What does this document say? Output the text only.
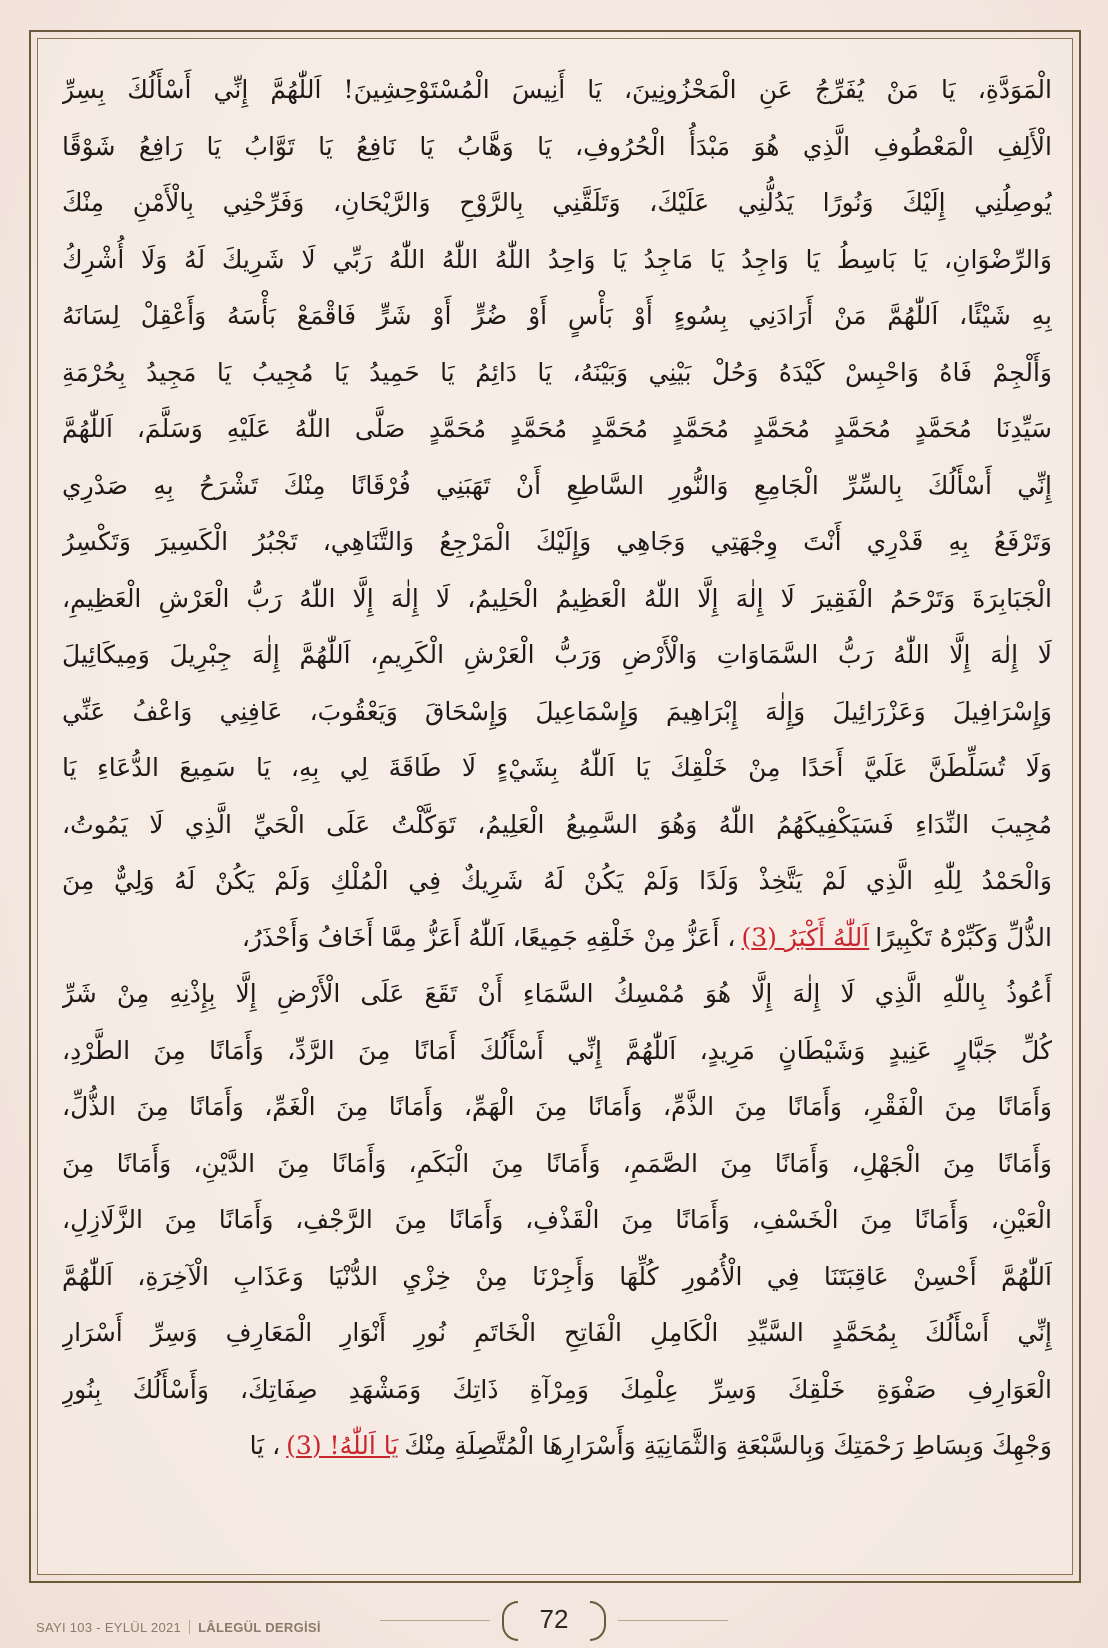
الْمَوَدَّةِ، يَا مَنْ يُفَرِّجُ عَنِ الْمَحْزُونِينَ، يَا أَنِيسَ الْمُسْتَوْحِشِينَ! اَللّٰهُمَّ إِنِّي أَسْأَلُكَ بِسِرِّ
الْأَلِفِ الْمَعْطُوفِ الَّذِي هُوَ مَبْدَأُ الْحُرُوفِ، يَا وَهَّابُ يَا نَافِعُ يَا تَوَّابُ يَا رَافِعُ شَوْقًا
يُوصِلُنِي إِلَيْكَ وَنُورًا يَدُلُّنِي عَلَيْكَ، وَتَلَقَّنِي بِالرَّوْحِ وَالرَّيْحَانِ، وَفَرِّحْنِي بِالْأَمْنِ مِنْكَ
وَالرِّضْوَانِ، يَا بَاسِطُ يَا وَاجِدُ يَا مَاجِدُ يَا وَاحِدُ اللّٰهُ اللّٰهُ اللّٰهُ رَبِّي لَا شَرِيكَ لَهُ وَلَا أُشْرِكُ
بِهِ شَيْئًا، اَللّٰهُمَّ مَنْ أَرَادَنِي بِسُوءٍ أَوْ بَأْسٍ أَوْ ضُرٍّ أَوْ شَرٍّ فَاقْمَعْ بَأْسَهُ وَأَعْقِلْ لِسَانَهُ
وَأَلْجِمْ فَاهُ وَاحْبِسْ كَيْدَهُ وَحُلْ بَيْنِي وَبَيْنَهُ، يَا دَائِمُ يَا حَمِيدُ يَا مُجِيبُ يَا مَجِيدُ بِحُرْمَةِ
سَيِّدِنَا مُحَمَّدٍ مُحَمَّدٍ مُحَمَّدٍ مُحَمَّدٍ مُحَمَّدٍ مُحَمَّدٍ مُحَمَّدٍ صَلَّى اللّٰهُ عَلَيْهِ وَسَلَّمَ، اَللّٰهُمَّ
إِنِّي أَسْأَلُكَ بِالسِّرِّ الْجَامِعِ وَالنُّورِ السَّاطِعِ أَنْ تَهَبَنِي فُرْقَانًا مِنْكَ تَشْرَحُ بِهِ صَدْرِي
وَتَرْفَعُ بِهِ قَدْرِي أَنْتَ وِجْهَتِي وَجَاهِي وَإِلَيْكَ الْمَرْجِعُ وَالتَّنَاهِي، تَجْبُرُ الْكَسِيرَ وَتَكْسِرُ
الْجَبَابِرَةَ وَتَرْحَمُ الْفَقِيرَ لَا إِلٰهَ إِلَّا اللّٰهُ الْعَظِيمُ الْحَلِيمُ، لَا إِلٰهَ إِلَّا اللّٰهُ رَبُّ الْعَرْشِ الْعَظِيمِ،
لَا إِلٰهَ إِلَّا اللّٰهُ رَبُّ السَّمَاوَاتِ وَالْأَرْضِ وَرَبُّ الْعَرْشِ الْكَرِيمِ، اَللّٰهُمَّ إِلٰهَ جِبْرِيلَ وَمِيكَائِيلَ
وَإِسْرَافِيلَ وَعَزْرَائِيلَ وَإِلٰهَ إِبْرَاهِيمَ وَإِسْمَاعِيلَ وَإِسْحَاقَ وَيَعْقُوبَ، عَافِنِي وَاعْفُ عَنِّي
وَلَا تُسَلِّطَنَّ عَلَيَّ أَحَدًا مِنْ خَلْقِكَ يَا اَللّٰهُ بِشَيْءٍ لَا طَاقَةَ لِي بِهِ، يَا سَمِيعَ الدُّعَاءِ يَا
مُجِيبَ النِّدَاءِ فَسَيَكْفِيكَهُمُ اللّٰهُ وَهُوَ السَّمِيعُ الْعَلِيمُ، تَوَكَّلْتُ عَلَى الْحَيِّ الَّذِي لَا يَمُوتُ،
وَالْحَمْدُ لِلّٰهِ الَّذِي لَمْ يَتَّخِذْ وَلَدًا وَلَمْ يَكُنْ لَهُ شَرِيكٌ فِي الْمُلْكِ وَلَمْ يَكُنْ لَهُ وَلِيٌّ مِنَ
الذُّلِّ وَكَبِّرْهُ تَكْبِيرًا
اَللّٰهُ أَكْبَرُ (3)
، أَعَزُّ مِنْ خَلْقِهِ جَمِيعًا، اَللّٰهُ أَعَزُّ مِمَّا أَخَافُ وَأَحْذَرُ،
أَعُوذُ بِاللّٰهِ الَّذِي لَا إِلٰهَ إِلَّا هُوَ مُمْسِكُ السَّمَاءِ أَنْ تَقَعَ عَلَى الْأَرْضِ إِلَّا بِإِذْنِهِ مِنْ شَرِّ
كُلِّ جَبَّارٍ عَنِيدٍ وَشَيْطَانٍ مَرِيدٍ، اَللّٰهُمَّ إِنِّي أَسْأَلُكَ أَمَانًا مِنَ الرَّدِّ، وَأَمَانًا مِنَ الطَّرْدِ،
وَأَمَانًا مِنَ الْفَقْرِ، وَأَمَانًا مِنَ الذَّمِّ، وَأَمَانًا مِنَ الْهَمِّ، وَأَمَانًا مِنَ الْغَمِّ، وَأَمَانًا مِنَ الذُّلِّ،
وَأَمَانًا مِنَ الْجَهْلِ، وَأَمَانًا مِنَ الصَّمَمِ، وَأَمَانًا مِنَ الْبَكَمِ، وَأَمَانًا مِنَ الدَّيْنِ، وَأَمَانًا مِنَ
الْعَيْنِ، وَأَمَانًا مِنَ الْخَسْفِ، وَأَمَانًا مِنَ الْقَذْفِ، وَأَمَانًا مِنَ الرَّجْفِ، وَأَمَانًا مِنَ الزَّلَازِلِ،
اَللّٰهُمَّ أَحْسِنْ عَاقِبَتَنَا فِي الْأُمُورِ كُلِّهَا وَأَجِرْنَا مِنْ خِزْيِ الدُّنْيَا وَعَذَابِ الْآخِرَةِ، اَللّٰهُمَّ
إِنِّي أَسْأَلُكَ بِمُحَمَّدٍ السَّيِّدِ الْكَامِلِ الْفَاتِحِ الْخَاتَمِ نُورِ أَنْوَارِ الْمَعَارِفِ وَسِرِّ أَسْرَارِ
الْعَوَارِفِ صَفْوَةِ خَلْقِكَ وَسِرِّ عِلْمِكَ وَمِرْآةِ ذَاتِكَ وَمَشْهَدِ صِفَاتِكَ، وَأَسْأَلُكَ بِنُورِ
وَجْهِكَ وَبِسَاطِ رَحْمَتِكَ وَبِالسَّبْعَةِ وَالثَّمَانِيَةِ وَأَسْرَارِهَا الْمُتَّصِلَةِ مِنْكَ
يَا اَللّٰهُ! (3)
، يَا
SAYI 103 - EYLÜL 2021 LÂLEGÜL DERGİSİ	72
